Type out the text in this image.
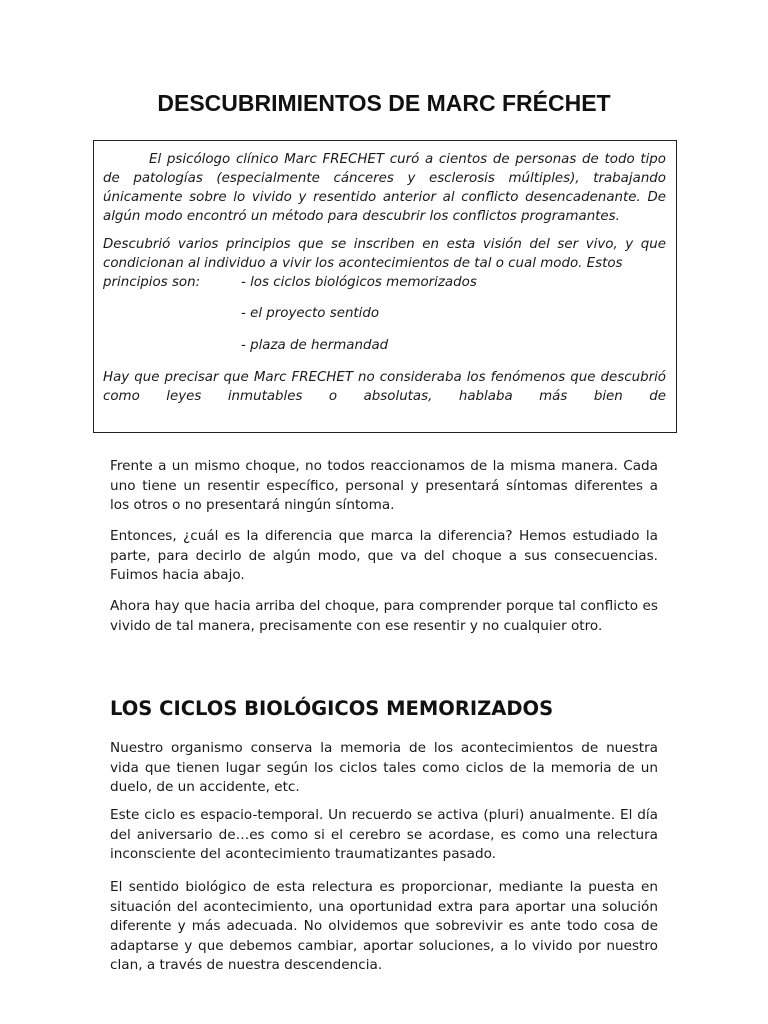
DESCUBRIMIENTOS DE MARC FRÉCHET

El psicólogo clínico Marc FRECHET curó a cientos de personas de todo tipo de patologías (especialmente cánceres y esclerosis múltiples), trabajando únicamente sobre lo vivido y resentido anterior al conflicto desencadenante. De algún modo encontró un método para descubrir los conflictos programantes.

Descubrió varios principios que se inscriben en esta visión del ser vivo, y que condicionan al individuo a vivir los acontecimientos de tal o cual modo. Estos

principios son:	- los ciclos biológicos memorizados
- el proyecto sentido
- plaza de hermandad

Hay que precisar que Marc FRECHET no consideraba los fenómenos que descubrió como leyes inmutables o absolutas, hablaba más bien de

Frente a un mismo choque, no todos reaccionamos de la misma manera. Cada uno tiene un resentir específico, personal y presentará síntomas diferentes a los otros o no presentará ningún síntoma.

Entonces, ¿cuál es la diferencia que marca la diferencia? Hemos estudiado la parte, para decirlo de algún modo, que va del choque a sus consecuencias. Fuimos hacia abajo.

Ahora hay que hacia arriba del choque, para comprender porque tal conflicto es vivido de tal manera, precisamente con ese resentir y no cualquier otro.

LOS CICLOS BIOLÓGICOS MEMORIZADOS

Nuestro organismo conserva la memoria de los acontecimientos de nuestra vida que tienen lugar según los ciclos tales como ciclos de la memoria de un duelo, de un accidente, etc.

Este ciclo es espacio-temporal. Un recuerdo se activa (pluri) anualmente. El día del aniversario de…es como si el cerebro se acordase, es como una relectura inconsciente del acontecimiento traumatizantes pasado.

El sentido biológico de esta relectura es proporcionar, mediante la puesta en situación del acontecimiento, una oportunidad extra para aportar una solución diferente y más adecuada. No olvidemos que sobrevivir es ante todo cosa de adaptarse y que debemos cambiar, aportar soluciones, a lo vivido por nuestro clan, a través de nuestra descendencia.
